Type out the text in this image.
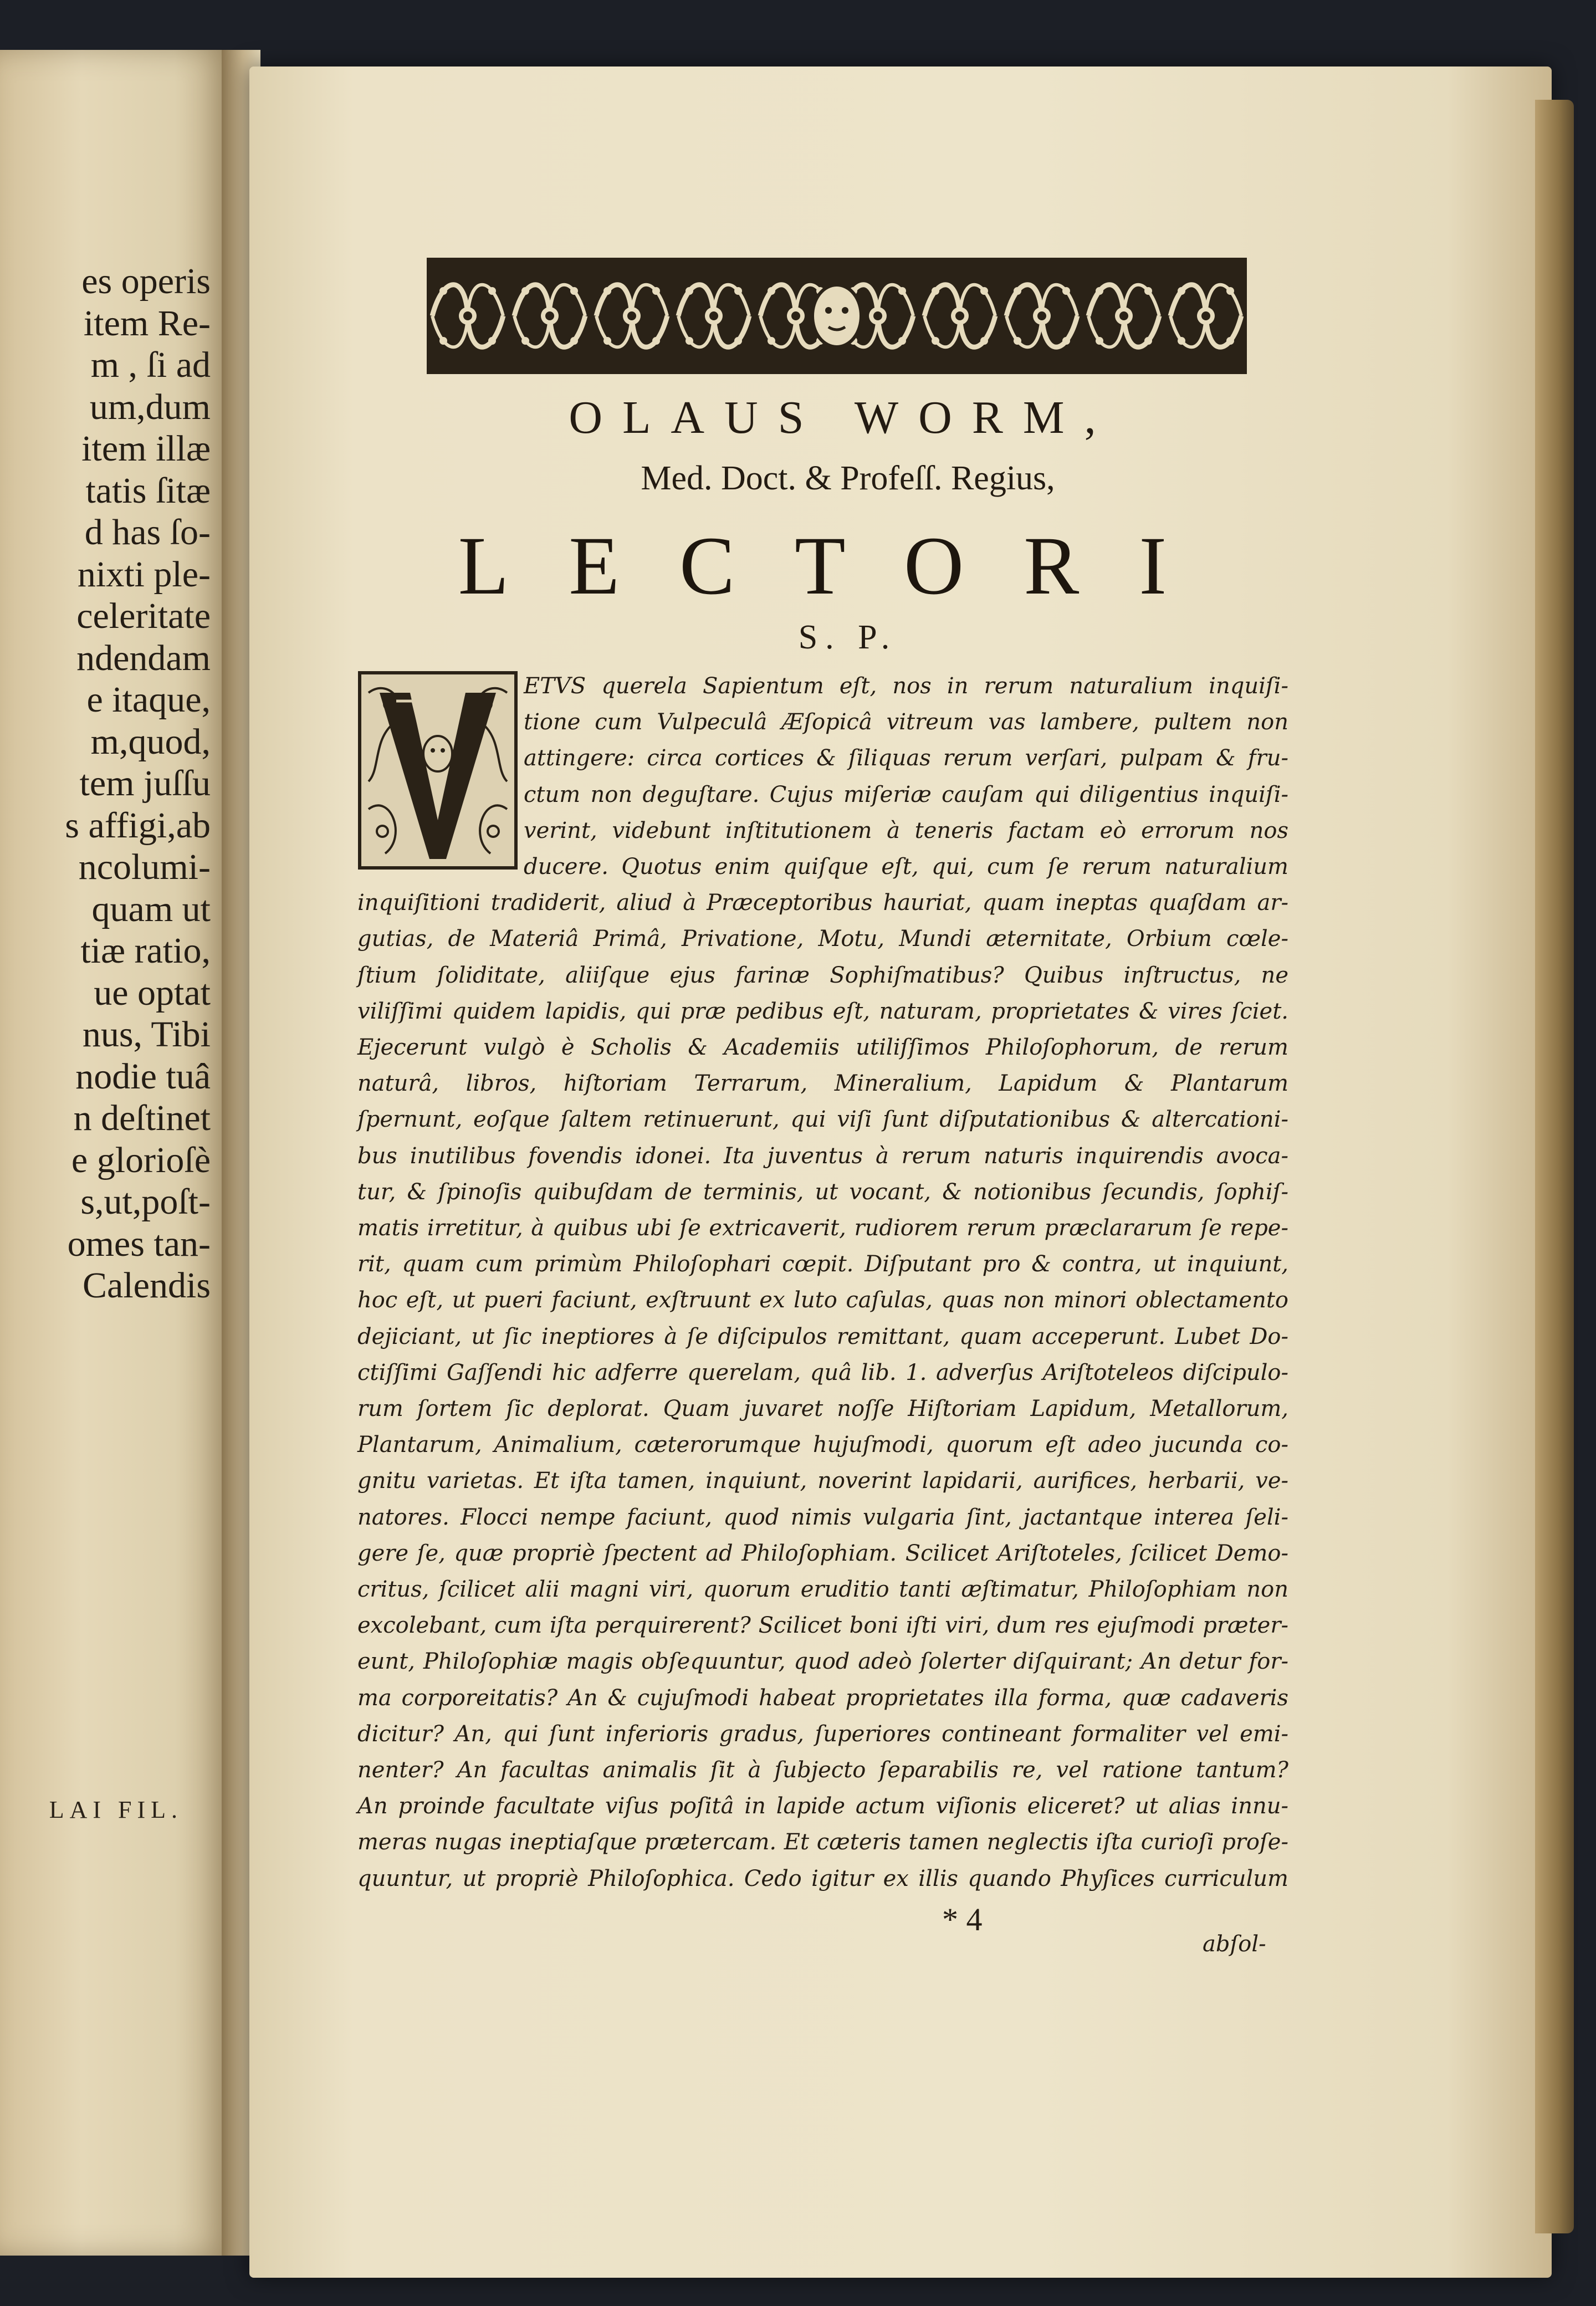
es operis
item Re-
m , ſi ad
um,dum
item illæ
tatis ſitæ
d has ſo-
nixti ple-
celeritate
ndendam
e itaque,
m,quod,
tem juſſu
s affigi,ab
ncolumi-
quam ut
tiæ ratio,
ue optat
nus, Tibi
nodie tuâ
n deſtinet
e glorioſè
s,ut,poſt-
omes tan-
Calendis
LAI FIL.
OLAUS WORM,
Med. Doct. & Profeſſ. Regius,
LECTORI
S. P.
ETVS querela Sapientum eſt, nos in rerum naturalium inquiſi-
tione cum Vulpeculâ Æſopicâ vitreum vas lambere, pultem non
attingere: circa cortices & ſiliquas rerum verſari, pulpam & fru-
ctum non deguſtare. Cujus miſeriæ cauſam qui diligentius inquiſi-
verint, videbunt inſtitutionem à teneris factam eò errorum nos
ducere. Quotus enim quiſque eſt, qui, cum ſe rerum naturalium
inquiſitioni tradiderit, aliud à Præceptoribus hauriat, quam ineptas quaſdam ar-
gutias, de Materiâ Primâ, Privatione, Motu, Mundi æternitate, Orbium cœle-
ſtium ſoliditate, aliiſque ejus farinæ Sophiſmatibus? Quibus inſtructus, ne
viliſſimi quidem lapidis, qui præ pedibus eſt, naturam, proprietates & vires ſciet.
Ejecerunt vulgò è Scholis & Academiis utiliſſimos Philoſophorum, de rerum
naturâ, libros, hiſtoriam Terrarum, Mineralium, Lapidum & Plantarum
ſpernunt, eoſque ſaltem retinuerunt, qui viſi ſunt diſputationibus & altercationi-
bus inutilibus fovendis idonei. Ita juventus à rerum naturis inquirendis avoca-
tur, & ſpinoſis quibuſdam de terminis, ut vocant, & notionibus ſecundis, ſophiſ-
matis irretitur, à quibus ubi ſe extricaverit, rudiorem rerum præclararum ſe repe-
rit, quam cum primùm Philoſophari cœpit. Diſputant pro & contra, ut inquiunt,
hoc eſt, ut pueri faciunt, exſtruunt ex luto caſulas, quas non minori oblectamento
dejiciant, ut ſic ineptiores à ſe diſcipulos remittant, quam acceperunt. Lubet Do-
ctiſſimi Gaſſendi hic adferre querelam, quâ lib. 1. adverſus Ariſtoteleos diſcipulo-
rum ſortem ſic deplorat. Quam juvaret noſſe Hiſtoriam Lapidum, Metallorum,
Plantarum, Animalium, cæterorumque hujuſmodi, quorum eſt adeo jucunda co-
gnitu varietas. Et iſta tamen, inquiunt, noverint lapidarii, aurifices, herbarii, ve-
natores. Flocci nempe faciunt, quod nimis vulgaria ſint, jactantque interea ſeli-
gere ſe, quæ propriè ſpectent ad Philoſophiam. Scilicet Ariſtoteles, ſcilicet Demo-
critus, ſcilicet alii magni viri, quorum eruditio tanti æſtimatur, Philoſophiam non
excolebant, cum iſta perquirerent? Scilicet boni iſti viri, dum res ejuſmodi præter-
eunt, Philoſophiæ magis obſequuntur, quod adeò ſolerter diſquirant; An detur for-
ma corporeitatis? An & cujuſmodi habeat proprietates illa forma, quæ cadaveris
dicitur? An, qui ſunt inferioris gradus, ſuperiores contineant formaliter vel emi-
nenter? An facultas animalis ſit à ſubjecto ſeparabilis re, vel ratione tantum?
An proinde facultate viſus poſitâ in lapide actum viſionis eliceret? ut alias innu-
meras nugas ineptiaſque prætercam. Et cæteris tamen neglectis iſta curioſi proſe-
quuntur, ut propriè Philoſophica. Cedo igitur ex illis quando Phyſices curriculum
* 4
abſol-
